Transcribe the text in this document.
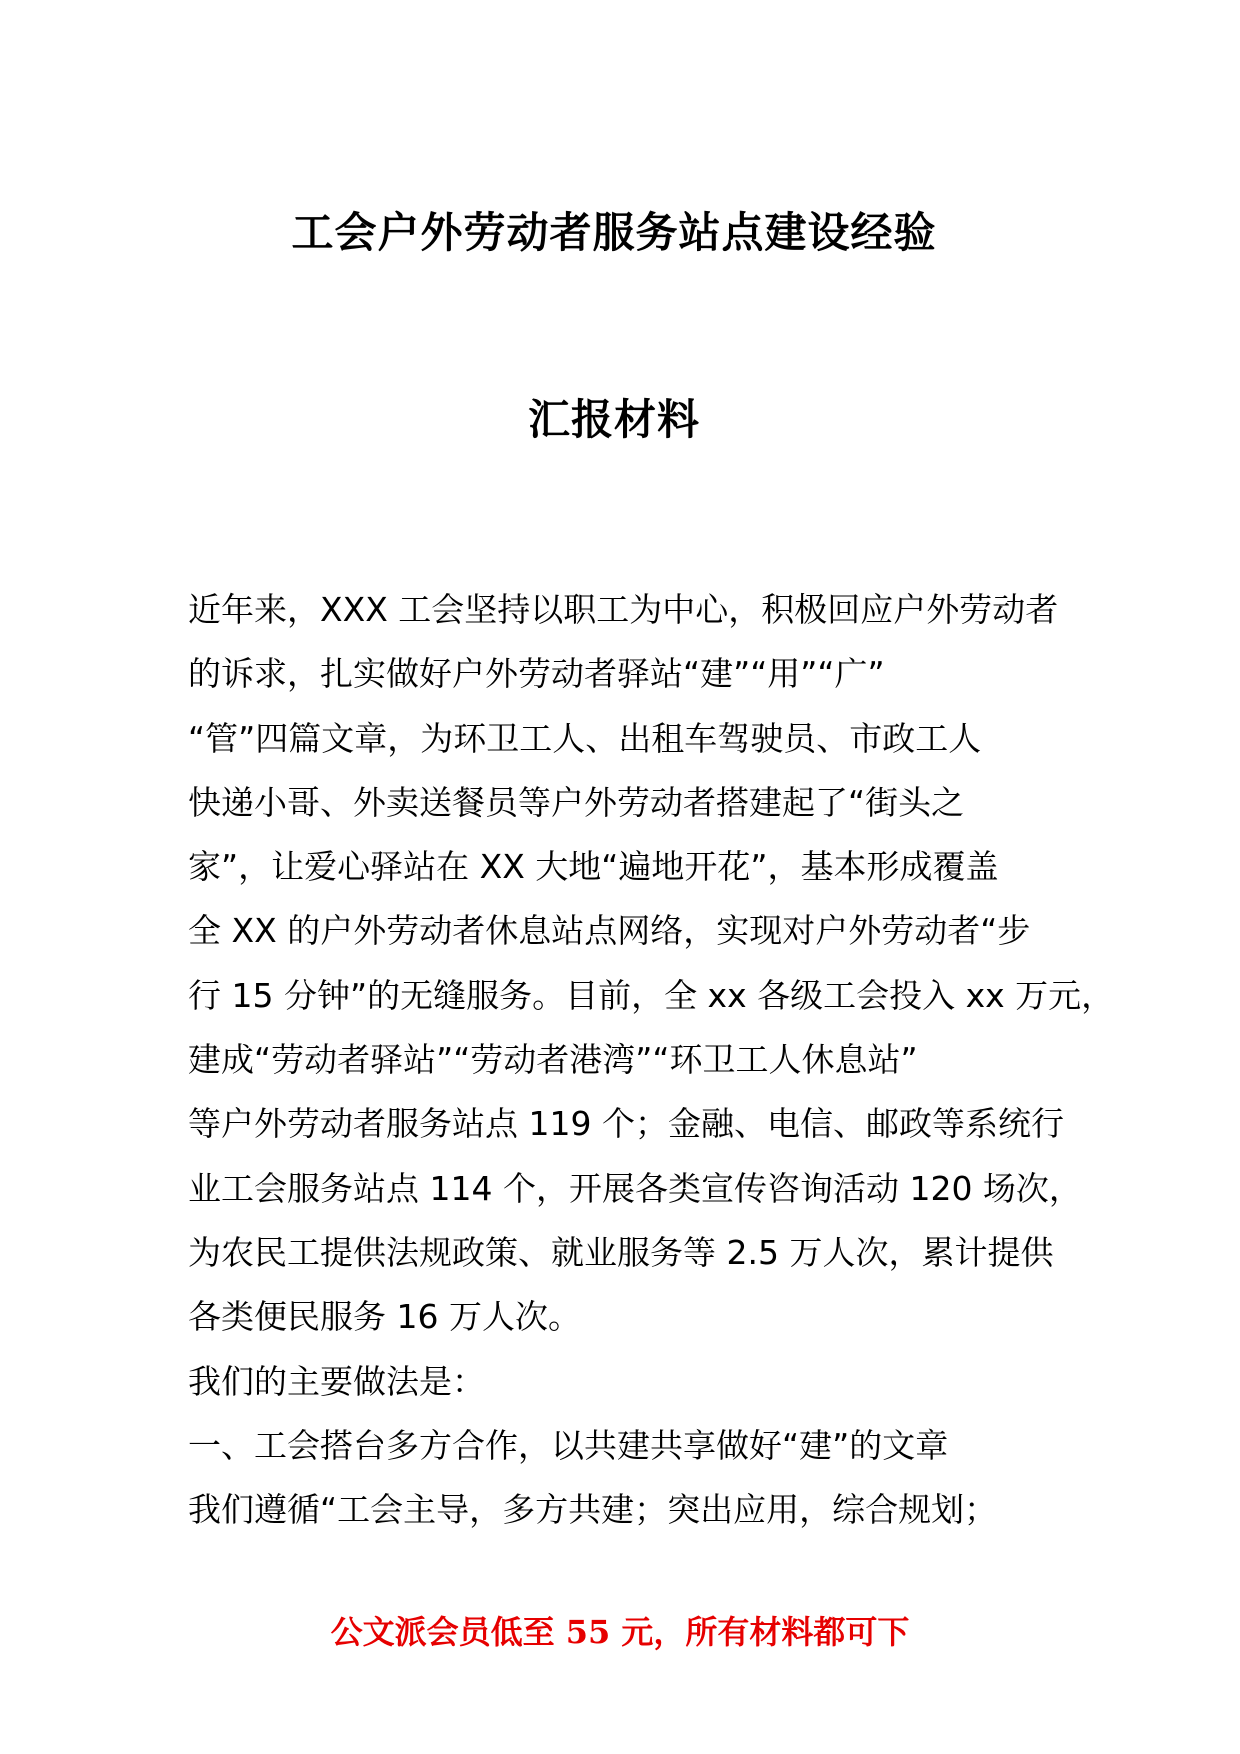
工会户外劳动者服务站点建设经验
汇报材料
近年来，XXX 工会坚持以职工为中心，积极回应户外劳动者
的诉求，扎实做好户外劳动者驿站“建”“用”“广”
“管”四篇文章，为环卫工人、出租车驾驶员、市政工人
快递小哥、外卖送餐员等户外劳动者搭建起了“街头之
家”，让爱心驿站在 XX 大地“遍地开花”，基本形成覆盖
全 XX 的户外劳动者休息站点网络，实现对户外劳动者“步
行 15 分钟”的无缝服务。目前，全 xx 各级工会投入 xx 万元，
建成“劳动者驿站”“劳动者港湾”“环卫工人休息站”
等户外劳动者服务站点 119 个；金融、电信、邮政等系统行
业工会服务站点 114 个，开展各类宣传咨询活动 120 场次，
为农民工提供法规政策、就业服务等 2.5 万人次，累计提供
各类便民服务 16 万人次。
我们的主要做法是：
一、工会搭台多方合作，以共建共享做好“建”的文章
我们遵循“工会主导，多方共建；突出应用，综合规划；
公文派会员低至 55 元，所有材料都可下
